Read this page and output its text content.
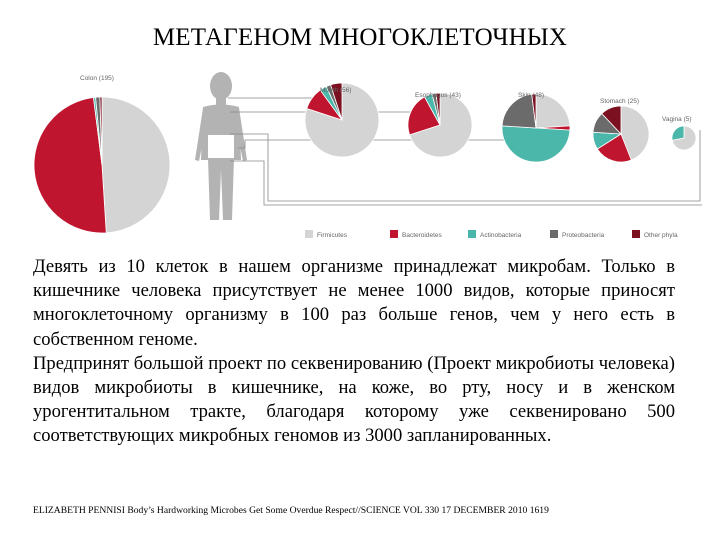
МЕТАГЕНОМ МНОГОКЛЕТОЧНЫХ
Colon (195)
Mouth (56)
Esophagus (43)	Skin (48)
Stomach (25)
Vagina (5)
Firmicutes	Bacteroidetes	Actinobacteria	Proteobacteria	Other phyla

Девять из 10 клеток в нашем организме принадлежат микробам. Только в кишечнике человека присутствует не менее 1000 видов, которые приносят многоклеточному организму в 100 раз больше генов, чем у него есть в собственном геноме.

Предпринят большой проект по секвенированию (Проект микробиоты человека) видов микробиоты в кишечнике, на коже, во рту, носу и в женском урогентитальном тракте, благодаря которому уже секвенировано 500 соответствующих микробных геномов из 3000 запланированных.

ELIZABETH PENNISI Body’s Hardworking Microbes Get Some Overdue Respect//SCIENCE VOL 330 17 DECEMBER 2010 1619
